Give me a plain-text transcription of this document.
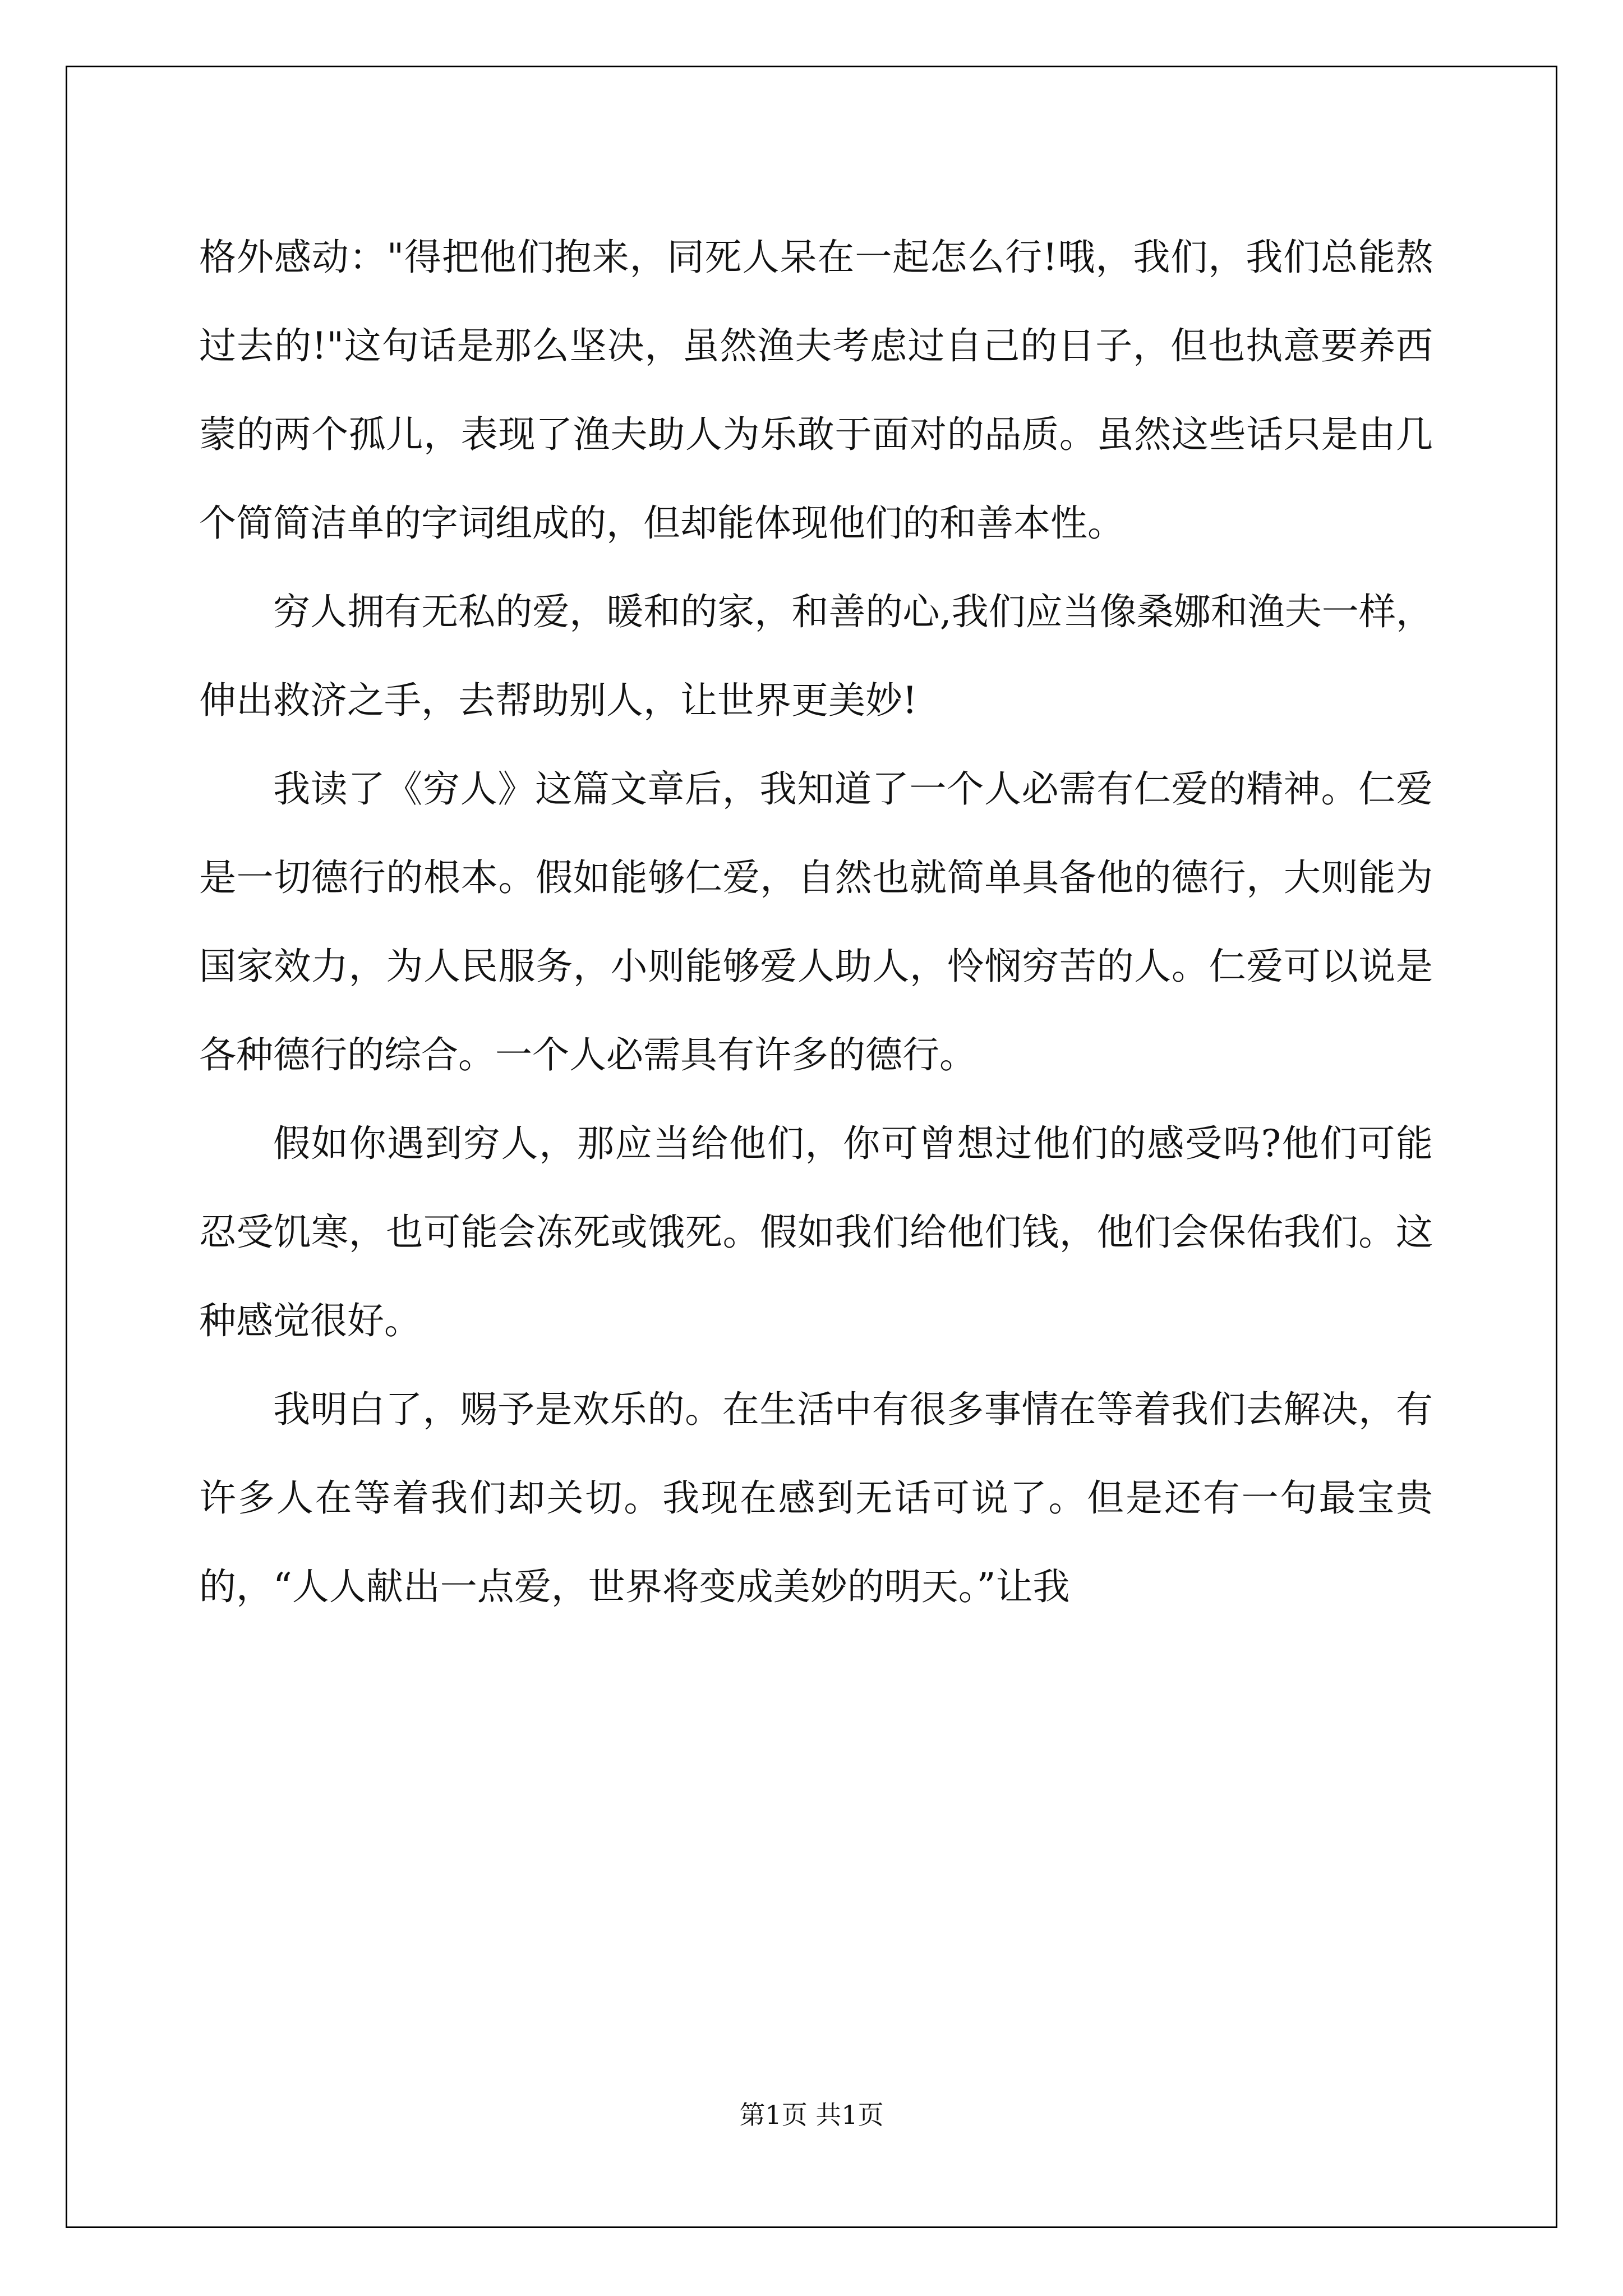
格外感动："得把他们抱来，同死人呆在一起怎么行!哦，我们，我们总能熬过去的!"这句话是那么坚决，虽然渔夫考虑过自己的日子，但也执意要养西蒙的两个孤儿，表现了渔夫助人为乐敢于面对的品质。虽然这些话只是由几个简简洁单的字词组成的，但却能体现他们的和善本性。

穷人拥有无私的爱，暖和的家，和善的心,我们应当像桑娜和渔夫一样，伸出救济之手，去帮助别人，让世界更美妙!

我读了《穷人》这篇文章后，我知道了一个人必需有仁爱的精神。仁爱是一切德行的根本。假如能够仁爱，自然也就简单具备他的德行，大则能为国家效力，为人民服务，小则能够爱人助人，怜悯穷苦的人。仁爱可以说是各种德行的综合。一个人必需具有许多的德行。

假如你遇到穷人，那应当给他们，你可曾想过他们的感受吗?他们可能忍受饥寒，也可能会冻死或饿死。假如我们给他们钱，他们会保佑我们。这种感觉很好。

我明白了，赐予是欢乐的。在生活中有很多事情在等着我们去解决，有许多人在等着我们却关切。我现在感到无话可说了。但是还有一句最宝贵的，“人人献出一点爱，世界将变成美妙的明天。”让我

第1页 共1页
